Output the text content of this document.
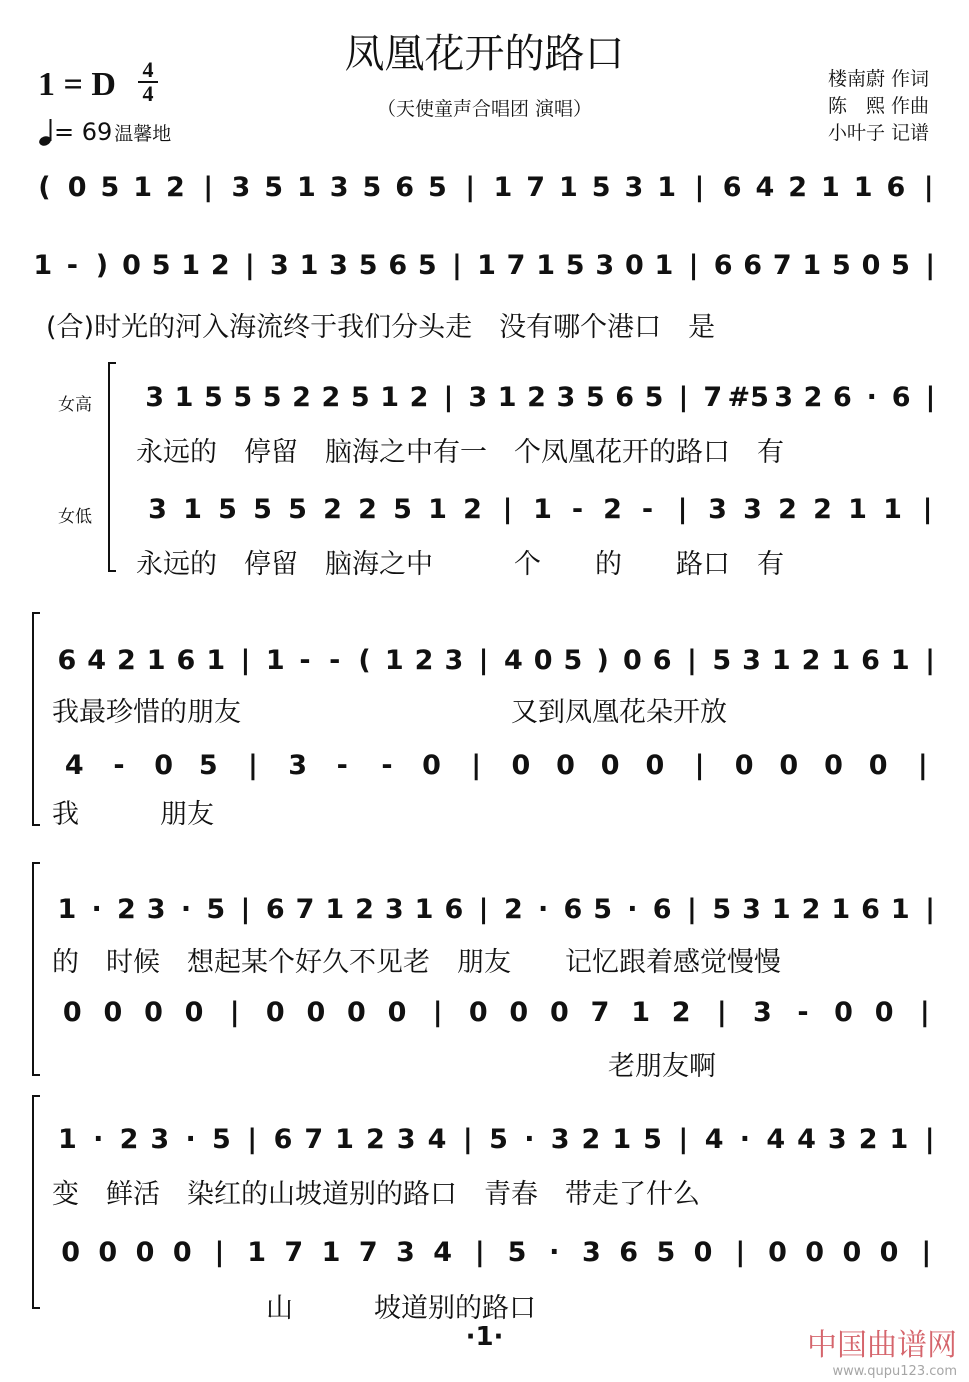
凤凰花开的路口
（天使童声合唱团 演唱）
1 = D 4
4
= 69 温馨地
楼南蔚 作词
陈　熙 作曲
小叶子 记谱
( 0 5 1 2 | 3 5 1 3 5 6 5 | 1 7 1 5 3 1 | 6 4 2 1 1 6 |
1 - ) 0 5 1 2 | 3 1 3 5 6 5 | 1 7 1 5 3 0 1 | 6 6 7 1 5 0 5 |
(合)时光的河入海流终于我们分头走　没有哪个港口　是
女高
女低
3 1 5 5 5 2 2 5 1 2 | 3 1 2 3 5 6 5 | 7 #5 3 2 6 · 6 |
永远的　停留　脑海之中有一　个凤凰花开的路口　有
3 1 5 5 5 2 2 5 1 2 | 1 - 2 - | 3 3 2 2 1 1 |
永远的　停留　脑海之中　　　个　　的　　路口　有
6 4 2 1 6 1 | 1 - - ( 1 2 3 | 4 0 5 ) 0 6 | 5 3 1 2 1 6 1 |
我最珍惜的朋友　　　　　　　　　　又到凤凰花朵开放
4	-	0 5	|	3	-	-	0	|	0 0 0 0	|	0 0 0 0	|
我　　　朋友
1 · 2 3 · 5 | 6 7 1 2 3 1 6 | 2 · 6 5 · 6 | 5 3 1 2 1 6 1 |
的　时候　想起某个好久不见老　朋友　　记忆跟着感觉慢慢
0 0 0 0 | 0 0 0 0 | 0 0 0 7 1 2 | 3 - 0 0 |
老朋友啊
1 · 2 3 · 5 | 6 7 1 2 3 4 | 5 · 3 2 1 5 | 4 · 4 4 3 2 1 |
变　鲜活　染红的山坡道别的路口　青春　带走了什么
0 0 0 0 | 1 7 1 7 3 4 | 5 · 3 6 5 0 | 0 0 0 0 |
山　　　坡道别的路口
·1·	中国曲谱网
www.qupu123.com
